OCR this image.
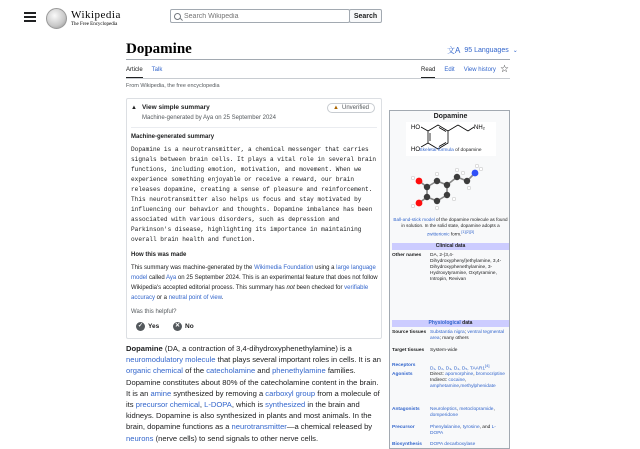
Wikipedia
The Free Encyclopedia
Search Wikipedia
Search
Dopamine	文A 95 Languages ⌄
Article Talk	Read Edit View history ☆
From Wikipedia, the free encyclopedia
▲ View simple summary	▲ Unverified
Machine-generated by Aya on 25 September 2024
Machine-generated summary
Dopamine is a neurotransmitter, a chemical messenger that carries signals between brain cells. It plays a vital role in several brain functions, including emotion, motivation, and movement. When we experience something enjoyable or receive a reward, our brain releases dopamine, creating a sense of pleasure and reinforcement. This neurotransmitter also helps us focus and stay motivated by influencing our behavior and thoughts. Dopamine imbalance has been associated with various disorders, such as depression and Parkinson's disease, highlighting its importance in maintaining overall brain health and function.
How this was made
This summary was machine-generated by the Wikimedia Foundation using a large language model called Aya on 25 September 2024. This is an experimental feature that does not follow Wikipedia's accepted editorial process. This summary has not been checked for verifiable accuracy or a neutral point of view.
Was this helpful?
✓ Yes	✕ No
Dopamine (DA, a contraction of 3,4-dihydroxyphenethylamine) is a neuromodulatory molecule that plays several important roles in cells. It is an organic chemical of the catecholamine and phenethylamine families. Dopamine constitutes about 80% of the catecholamine content in the brain. It is an amine synthesized by removing a carboxyl group from a molecule of its precursor chemical, L-DOPA, which is synthesized in the brain and kidneys. Dopamine is also synthesized in plants and most animals. In the brain, dopamine functions as a neurotransmitter—a chemical released by neurons (nerve cells) to send signals to other nerve cells.
Dopamine
HO
HO
NH₂
Skeletal formula of dopamine
Ball-and-stick model of the dopamine molecule as found in solution. In the solid state, dopamine adopts a zwitterionic form.[1][2][3]
Clinical data
Other names	DA, 2-(3,4-Dihydroxyphenyl)ethylamine, 3,4-Dihydroxyphenethylamine, 3-Hydroxytyramine, Oxytyramine, Intropin, Revivan
Physiological data
Source tissues Substantia nigra; ventral tegmental area; many others
Target tissues	System-wide
Receptors
D₁, D₂, D₃, D₄, D₅, TAAR1[4]
Agonists	Direct: apomorphine, bromocriptine
Indirect: cocaine, amphetamine,methylphenidate
Antagonists	Neuroleptics, metoclopramide,
domperidone
Precursor	Phenylalanine, tyrosine, and L-DOPA
Biosynthesis	DOPA decarboxylase
